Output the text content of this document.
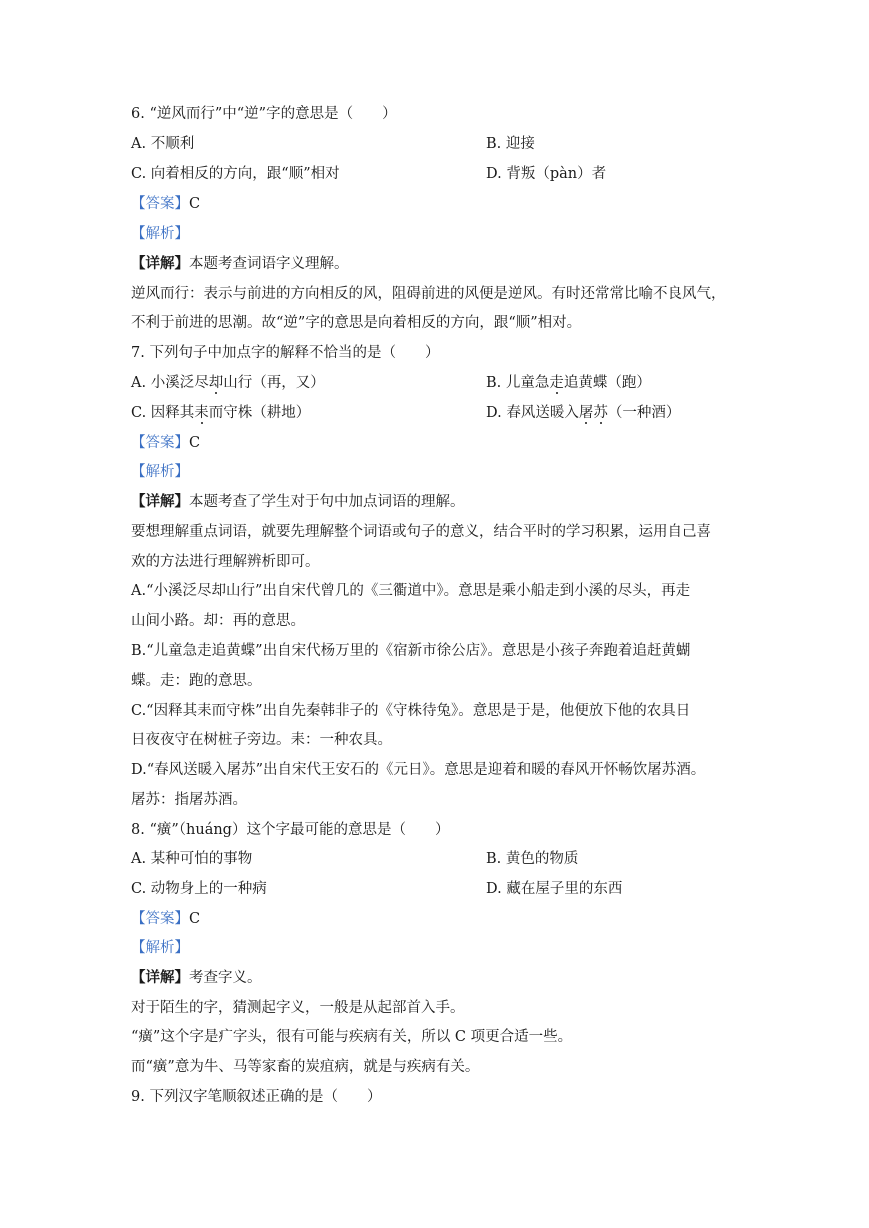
6. “逆风而行”中“逆”字的意思是（　　）
A. 不顺利	B. 迎接
C. 向着相反的方向，跟“顺”相对	D. 背叛（pàn）者
【答案】C
【解析】
【详解】本题考查词语字义理解。
逆风而行：表示与前进的方向相反的风，阻碍前进的风便是逆风。有时还常常比喻不良风气，
不利于前进的思潮。故“逆”字的意思是向着相反的方向，跟“顺”相对。
7. 下列句子中加点字的解释不恰当的是（　　）
A. 小溪泛尽却山行（再，又）	B. 儿童急走追黄蝶（跑）
C. 因释其耒而守株（耕地）	D. 春风送暖入屠苏（一种酒）
【答案】C
【解析】
【详解】本题考查了学生对于句中加点词语的理解。
要想理解重点词语，就要先理解整个词语或句子的意义，结合平时的学习积累，运用自己喜
欢的方法进行理解辨析即可。
A.“小溪泛尽却山行”出自宋代曾几的《三衢道中》。意思是乘小船走到小溪的尽头，再走
山间小路。却：再的意思。
B.“儿童急走追黄蝶”出自宋代杨万里的《宿新市徐公店》。意思是小孩子奔跑着追赶黄蝴
蝶。走：跑的意思。
C.“因释其耒而守株”出自先秦韩非子的《守株待兔》。意思是于是，他便放下他的农具日
日夜夜守在树桩子旁边。耒：一种农具。
D.“春风送暖入屠苏”出自宋代王安石的《元日》。意思是迎着和暖的春风开怀畅饮屠苏酒。
屠苏：指屠苏酒。
8. “癀”（huáng）这个字最可能的意思是（　　）
A. 某种可怕的事物	B. 黄色的物质
C. 动物身上的一种病	D. 藏在屋子里的东西
【答案】C
【解析】
【详解】考查字义。
对于陌生的字，猜测起字义，一般是从起部首入手。
“癀”这个字是疒字头，很有可能与疾病有关，所以 C 项更合适一些。
而“癀”意为牛、马等家畜的炭疽病，就是与疾病有关。
9. 下列汉字笔顺叙述正确的是（　　）
